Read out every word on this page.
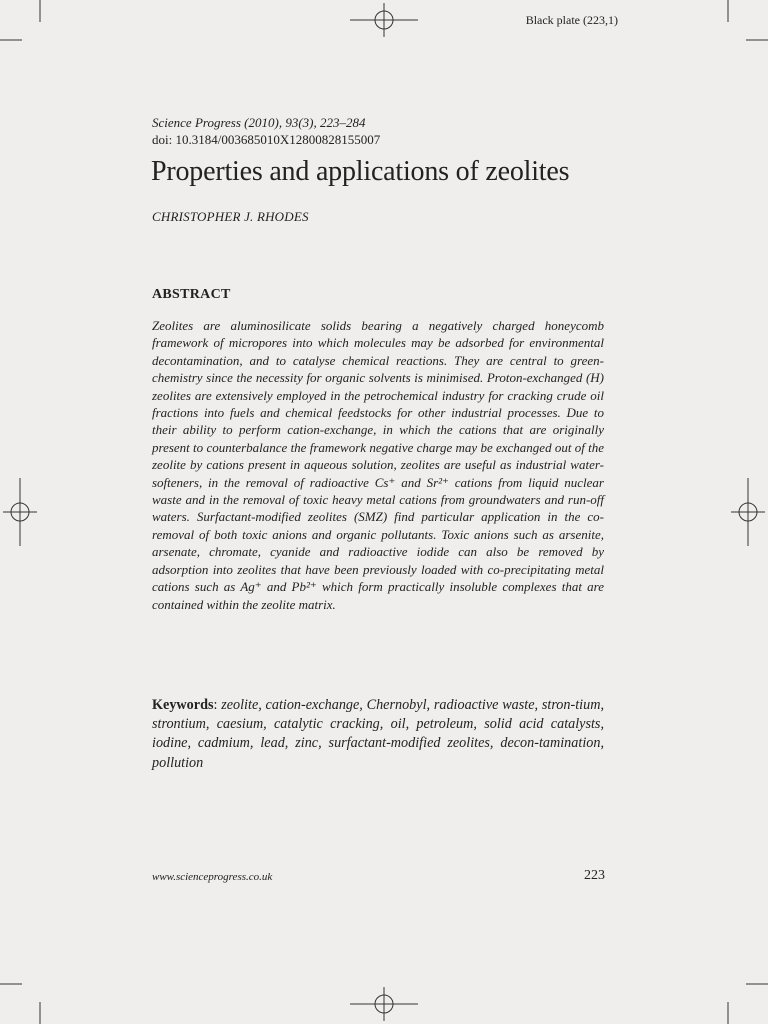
Black plate (223,1)
Science Progress (2010), 93(3), 223–284
doi: 10.3184/003685010X12800828155007
Properties and applications of zeolites
CHRISTOPHER J. RHODES
ABSTRACT

Zeolites are aluminosilicate solids bearing a negatively charged honeycomb framework of micropores into which molecules may be adsorbed for environmental decontamination, and to catalyse chemical reactions. They are central to green-chemistry since the necessity for organic solvents is minimised. Proton-exchanged (H) zeolites are extensively employed in the petrochemical industry for cracking crude oil fractions into fuels and chemical feedstocks for other industrial processes. Due to their ability to perform cation-exchange, in which the cations that are originally present to counterbalance the framework negative charge may be exchanged out of the zeolite by cations present in aqueous solution, zeolites are useful as industrial water-softeners, in the removal of radioactive Cs⁺ and Sr²⁺ cations from liquid nuclear waste and in the removal of toxic heavy metal cations from groundwaters and run-off waters. Surfactant-modified zeolites (SMZ) find particular application in the co-removal of both toxic anions and organic pollutants. Toxic anions such as arsenite, arsenate, chromate, cyanide and radioactive iodide can also be removed by adsorption into zeolites that have been previously loaded with co-precipitating metal cations such as Ag⁺ and Pb²⁺ which form practically insoluble complexes that are contained within the zeolite matrix.

Keywords: zeolite, cation-exchange, Chernobyl, radioactive waste, stron-tium, strontium, caesium, catalytic cracking, oil, petroleum, solid acid catalysts, iodine, cadmium, lead, zinc, surfactant-modified zeolites, decon-tamination, pollution

www.scienceprogress.co.uk	223
